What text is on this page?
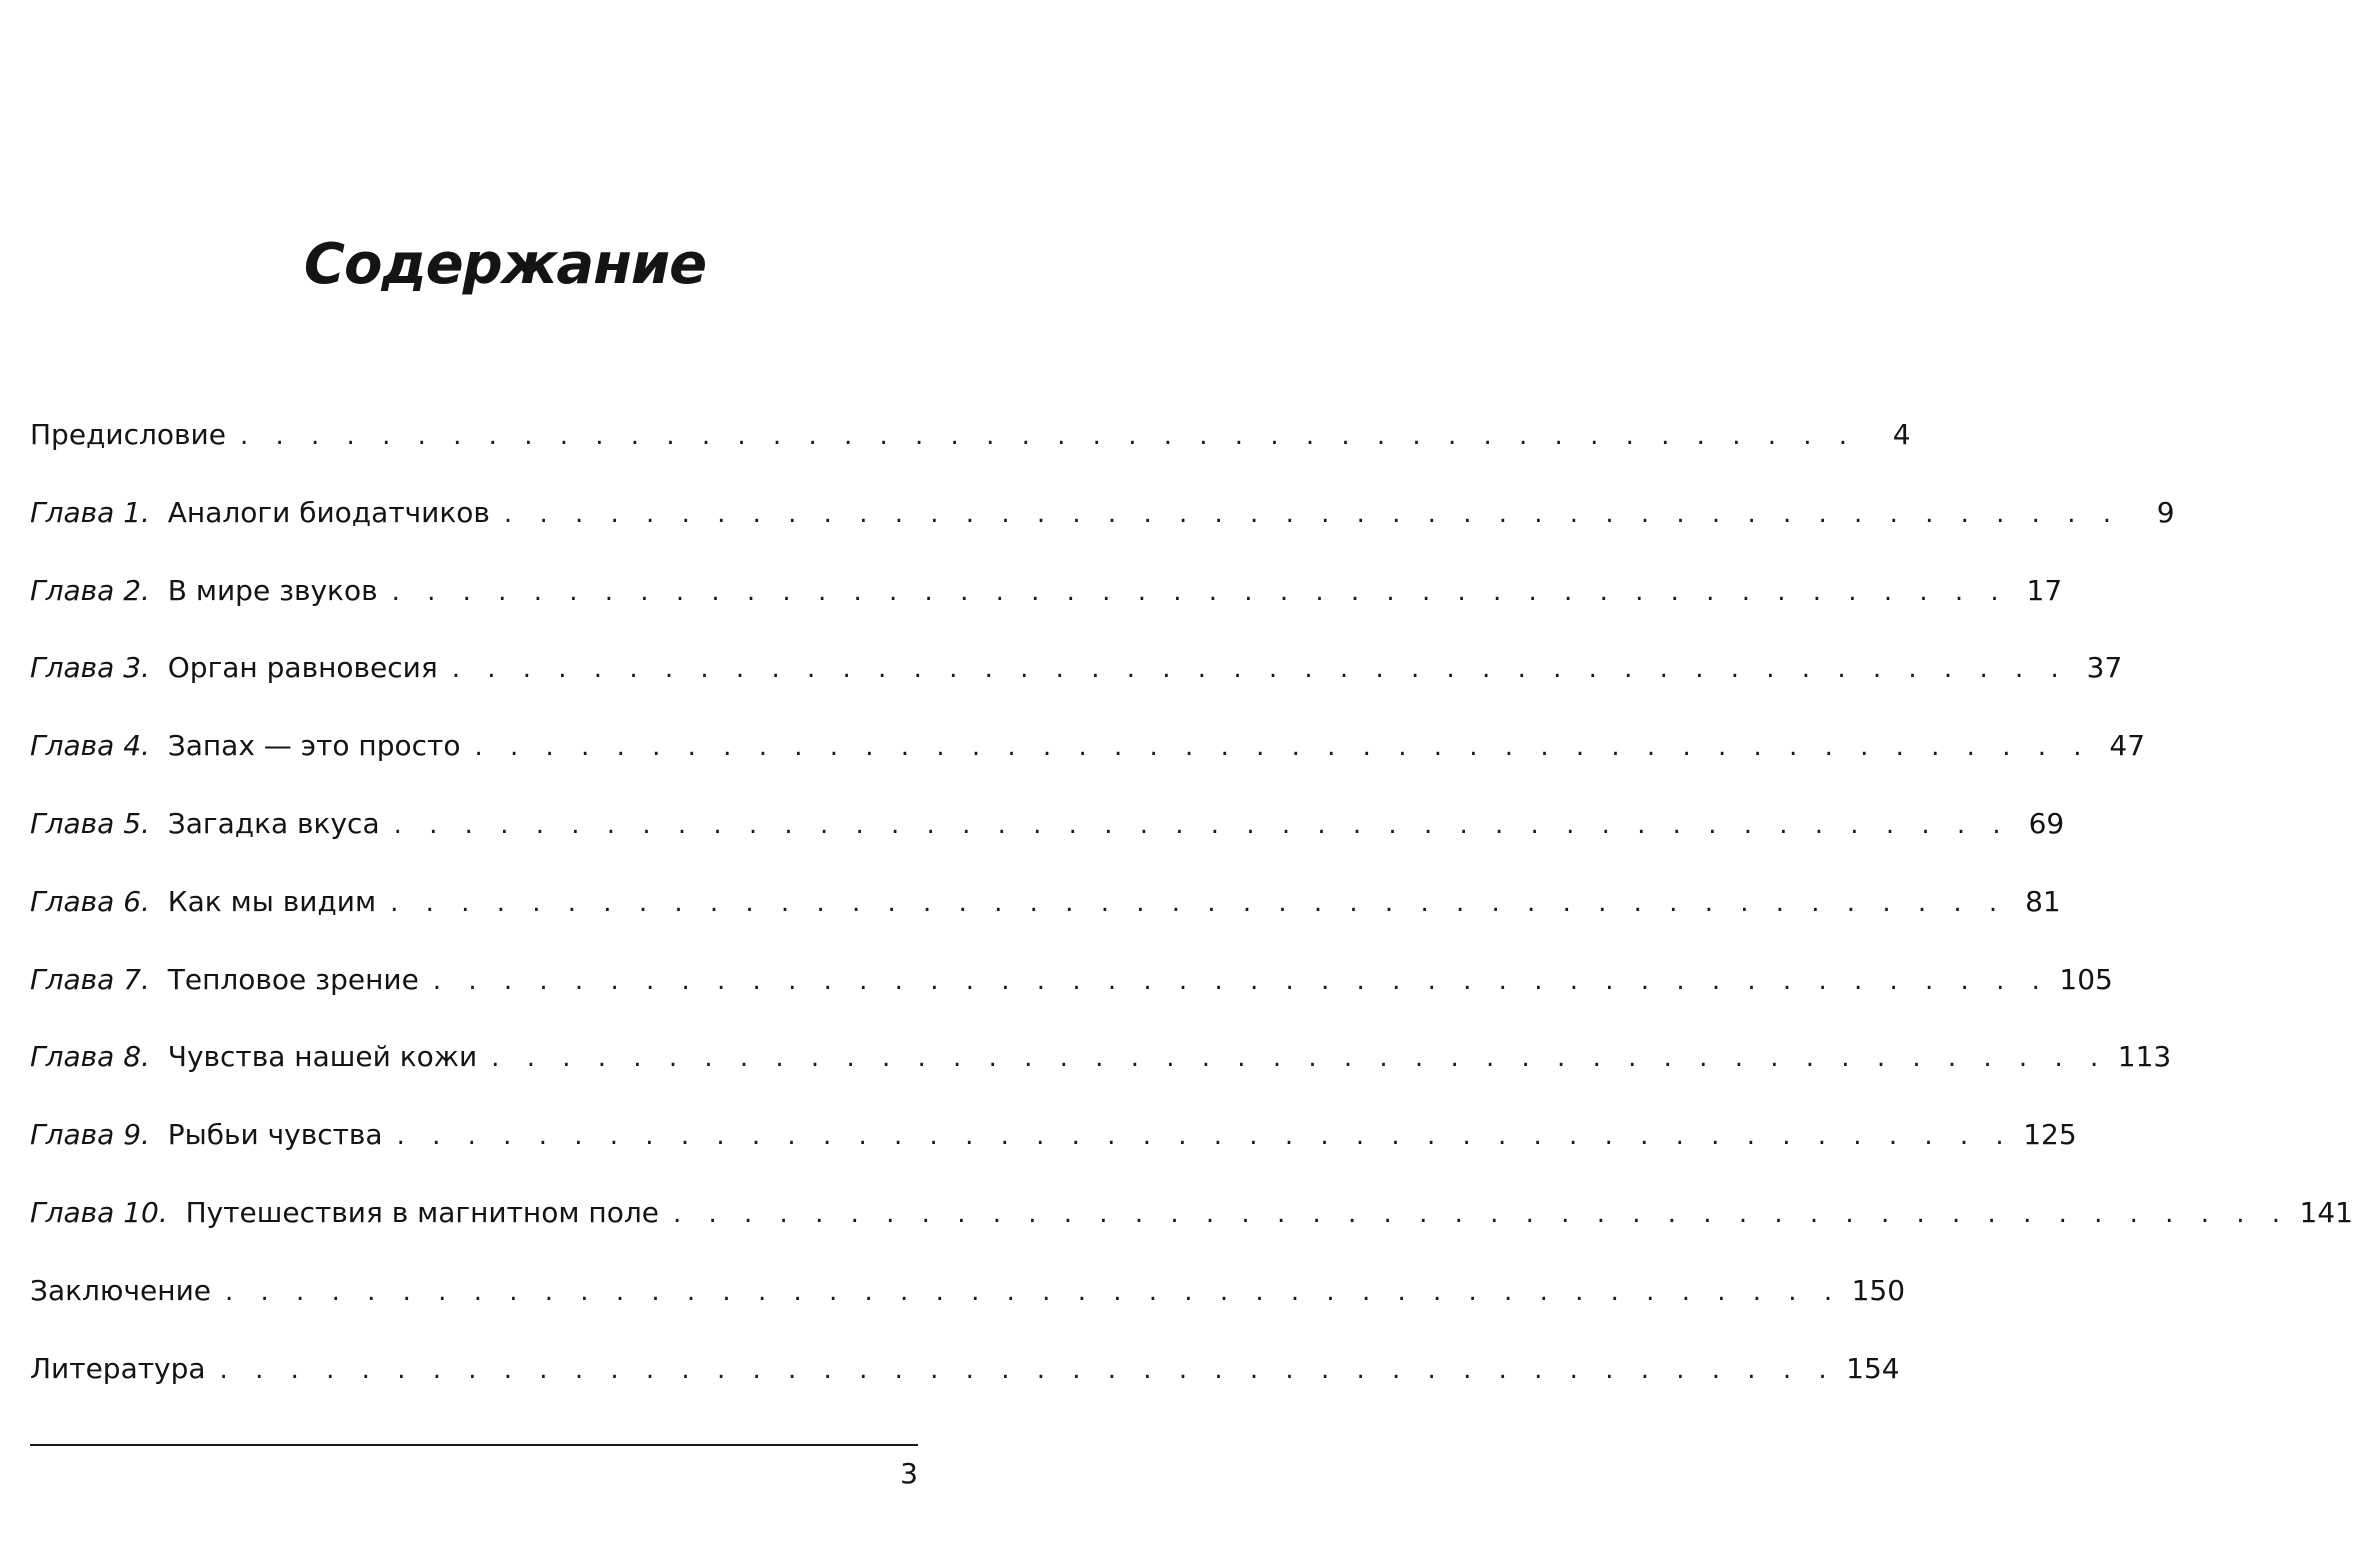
Содержание
Предисловие . . . . . . . . . . . . . . . . . . . . . . . . . . . . . . . . . . . . . . . . . . . . . .	4
Глава 1.
Аналоги биодатчиков . . . . . . . . . . . . . . . . . . . . . . . . . . . . . . . . . . . . . . . . . . . . . .	9
Глава 2.
В мире звуков . . . . . . . . . . . . . . . . . . . . . . . . . . . . . . . . . . . . . . . . . . . . . . 17
Глава 3.
Орган равновесия . . . . . . . . . . . . . . . . . . . . . . . . . . . . . . . . . . . . . . . . . . . . . . 37
Глава 4.
Запах — это просто . . . . . . . . . . . . . . . . . . . . . . . . . . . . . . . . . . . . . . . . . . . . . . 47
Глава 5.
Загадка вкуса . . . . . . . . . . . . . . . . . . . . . . . . . . . . . . . . . . . . . . . . . . . . . . 69
Глава 6.
Как мы видим . . . . . . . . . . . . . . . . . . . . . . . . . . . . . . . . . . . . . . . . . . . . . . 81
Глава 7.
Тепловое зрение . . . . . . . . . . . . . . . . . . . . . . . . . . . . . . . . . . . . . . . . . . . . . . 105
Глава 8.
Чувства нашей кожи . . . . . . . . . . . . . . . . . . . . . . . . . . . . . . . . . . . . . . . . . . . . . . 113
Глава 9.
Рыбьи чувства . . . . . . . . . . . . . . . . . . . . . . . . . . . . . . . . . . . . . . . . . . . . . . 125
Глава 10.
Путешествия в магнитном поле . . . . . . . . . . . . . . . . . . . . . . . . . . . . . . . . . . . . . . . . . . . . . . 141
Заключение . . . . . . . . . . . . . . . . . . . . . . . . . . . . . . . . . . . . . . . . . . . . . . 150
Литература . . . . . . . . . . . . . . . . . . . . . . . . . . . . . . . . . . . . . . . . . . . . . . 154
3
